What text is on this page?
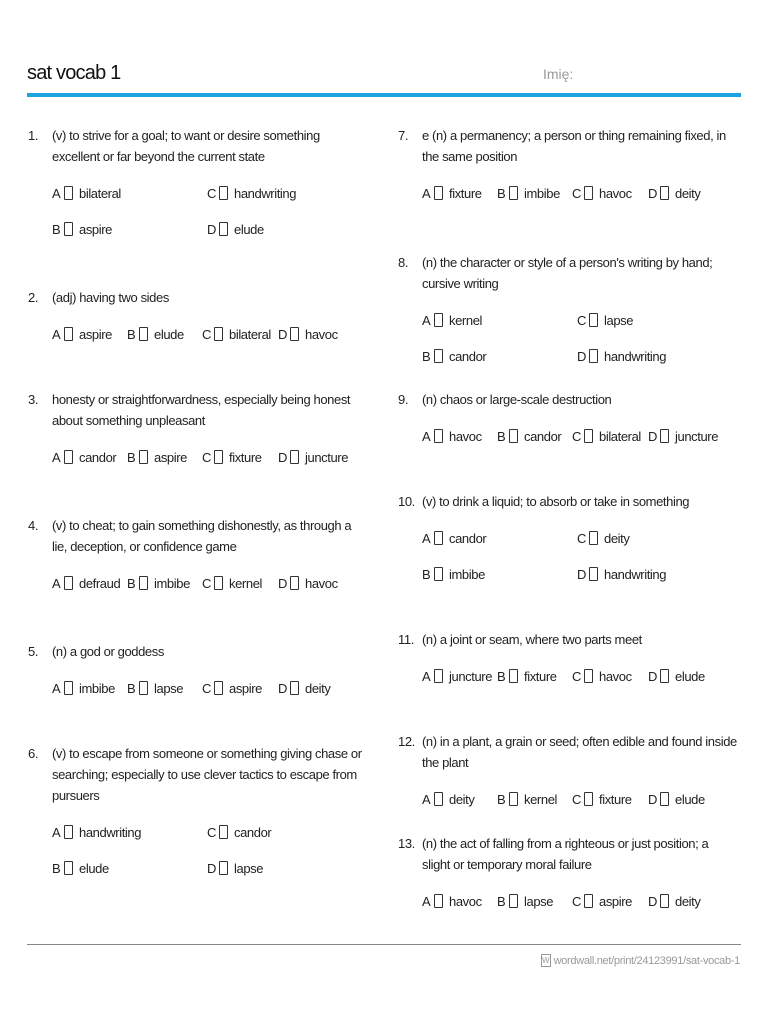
sat vocab 1	Imię:
1. (v) to strive for a goal; to want or desire something excellent or far beyond the current state
A bilateral
B aspire
C handwriting
D elude
2. (adj) having two sides
A aspire B elude C bilateral D havoc
3. honesty or straightforwardness, especially being honest about something unpleasant
A candor B aspire C fixture D juncture
4. (v) to cheat; to gain something dishonestly, as through a lie, deception, or confidence game
A defraud B imbibe C kernel D havoc
5. (n) a god or goddess
A imbibe B lapse C aspire D deity
6. (v) to escape from someone or something giving chase or searching; especially to use clever tactics to escape from pursuers
A handwriting
B elude
C candor
D lapse
7. e (n) a permanency; a person or thing remaining fixed, in the same position
A fixture B imbibe C havoc D deity
8. (n) the character or style of a person's writing by hand; cursive writing
A kernel
B candor
C lapse
D handwriting
9. (n) chaos or large-scale destruction
A havoc B candor C bilateral D juncture
10. (v) to drink a liquid; to absorb or take in something
A candor
B imbibe
C deity
D handwriting
11. (n) a joint or seam, where two parts meet
A juncture B fixture C havoc D elude
12. (n) in a plant, a grain or seed; often edible and found inside the plant
A deity B kernel C fixture D elude
13. (n) the act of falling from a righteous or just position; a slight or temporary moral failure
A havoc B lapse C aspire D deity
W wordwall.net/print/24123991/sat-vocab-1
